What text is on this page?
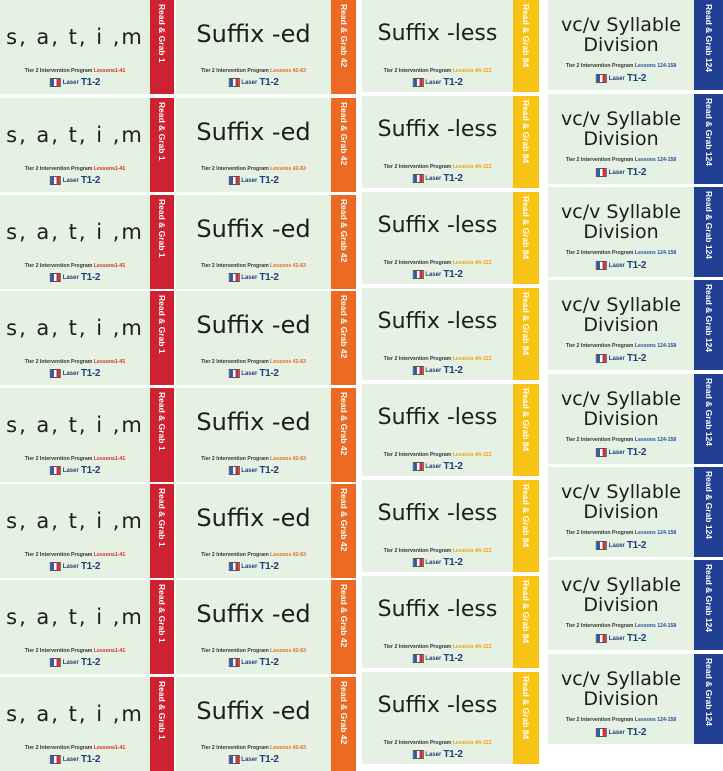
s, a, t, i ,m
Tier 2 Intervention Program Lessons1-41
Laser T1-2
Read & Grab 1
s, a, t, i ,m
Tier 2 Intervention Program Lessons1-41
Laser T1-2
Read & Grab 1
s, a, t, i ,m
Tier 2 Intervention Program Lessons1-41
Laser T1-2
Read & Grab 1
s, a, t, i ,m
Tier 2 Intervention Program Lessons1-41
Laser T1-2
Read & Grab 1
s, a, t, i ,m
Tier 2 Intervention Program Lessons1-41
Laser T1-2
Read & Grab 1
s, a, t, i ,m
Tier 2 Intervention Program Lessons1-41
Laser T1-2
Read & Grab 1
s, a, t, i ,m
Tier 2 Intervention Program Lessons1-41
Laser T1-2
Read & Grab 1
s, a, t, i ,m
Tier 2 Intervention Program Lessons1-41
Laser T1-2
Read & Grab 1
Suffix -ed
Tier 2 Intervention Program Lessons 42-83
Laser T1-2
Read & Grab 42
Suffix -ed
Tier 2 Intervention Program Lessons 42-83
Laser T1-2
Read & Grab 42
Suffix -ed
Tier 2 Intervention Program Lessons 42-83
Laser T1-2
Read & Grab 42
Suffix -ed
Tier 2 Intervention Program Lessons 42-83
Laser T1-2
Read & Grab 42
Suffix -ed
Tier 2 Intervention Program Lessons 42-83
Laser T1-2
Read & Grab 42
Suffix -ed
Tier 2 Intervention Program Lessons 42-83
Laser T1-2
Read & Grab 42
Suffix -ed
Tier 2 Intervention Program Lessons 42-83
Laser T1-2
Read & Grab 42
Suffix -ed
Tier 2 Intervention Program Lessons 42-83
Laser T1-2
Read & Grab 42
Suffix -less
Tier 2 Intervention Program Lessons 84-123
Laser T1-2
Read & Grab 84
Suffix -less
Tier 2 Intervention Program Lessons 84-123
Laser T1-2
Read & Grab 84
Suffix -less
Tier 2 Intervention Program Lessons 84-123
Laser T1-2
Read & Grab 84
Suffix -less
Tier 2 Intervention Program Lessons 84-123
Laser T1-2
Read & Grab 84
Suffix -less
Tier 2 Intervention Program Lessons 84-123
Laser T1-2
Read & Grab 84
Suffix -less
Tier 2 Intervention Program Lessons 84-123
Laser T1-2
Read & Grab 84
Suffix -less
Tier 2 Intervention Program Lessons 84-123
Laser T1-2
Read & Grab 84
Suffix -less
Tier 2 Intervention Program Lessons 84-123
Laser T1-2
Read & Grab 84
vc/v Syllable Division
Tier 2 Intervention Program Lessons 124-158
Laser T1-2
Read & Grab 124
vc/v Syllable Division
Tier 2 Intervention Program Lessons 124-158
Laser T1-2
Read & Grab 124
vc/v Syllable Division
Tier 2 Intervention Program Lessons 124-158
Laser T1-2
Read & Grab 124
vc/v Syllable Division
Tier 2 Intervention Program Lessons 124-158
Laser T1-2
Read & Grab 124
vc/v Syllable Division
Tier 2 Intervention Program Lessons 124-158
Laser T1-2
Read & Grab 124
vc/v Syllable Division
Tier 2 Intervention Program Lessons 124-158
Laser T1-2
Read & Grab 124
vc/v Syllable Division
Tier 2 Intervention Program Lessons 124-158
Laser T1-2
Read & Grab 124
vc/v Syllable Division
Tier 2 Intervention Program Lessons 124-158
Laser T1-2
Read & Grab 124
